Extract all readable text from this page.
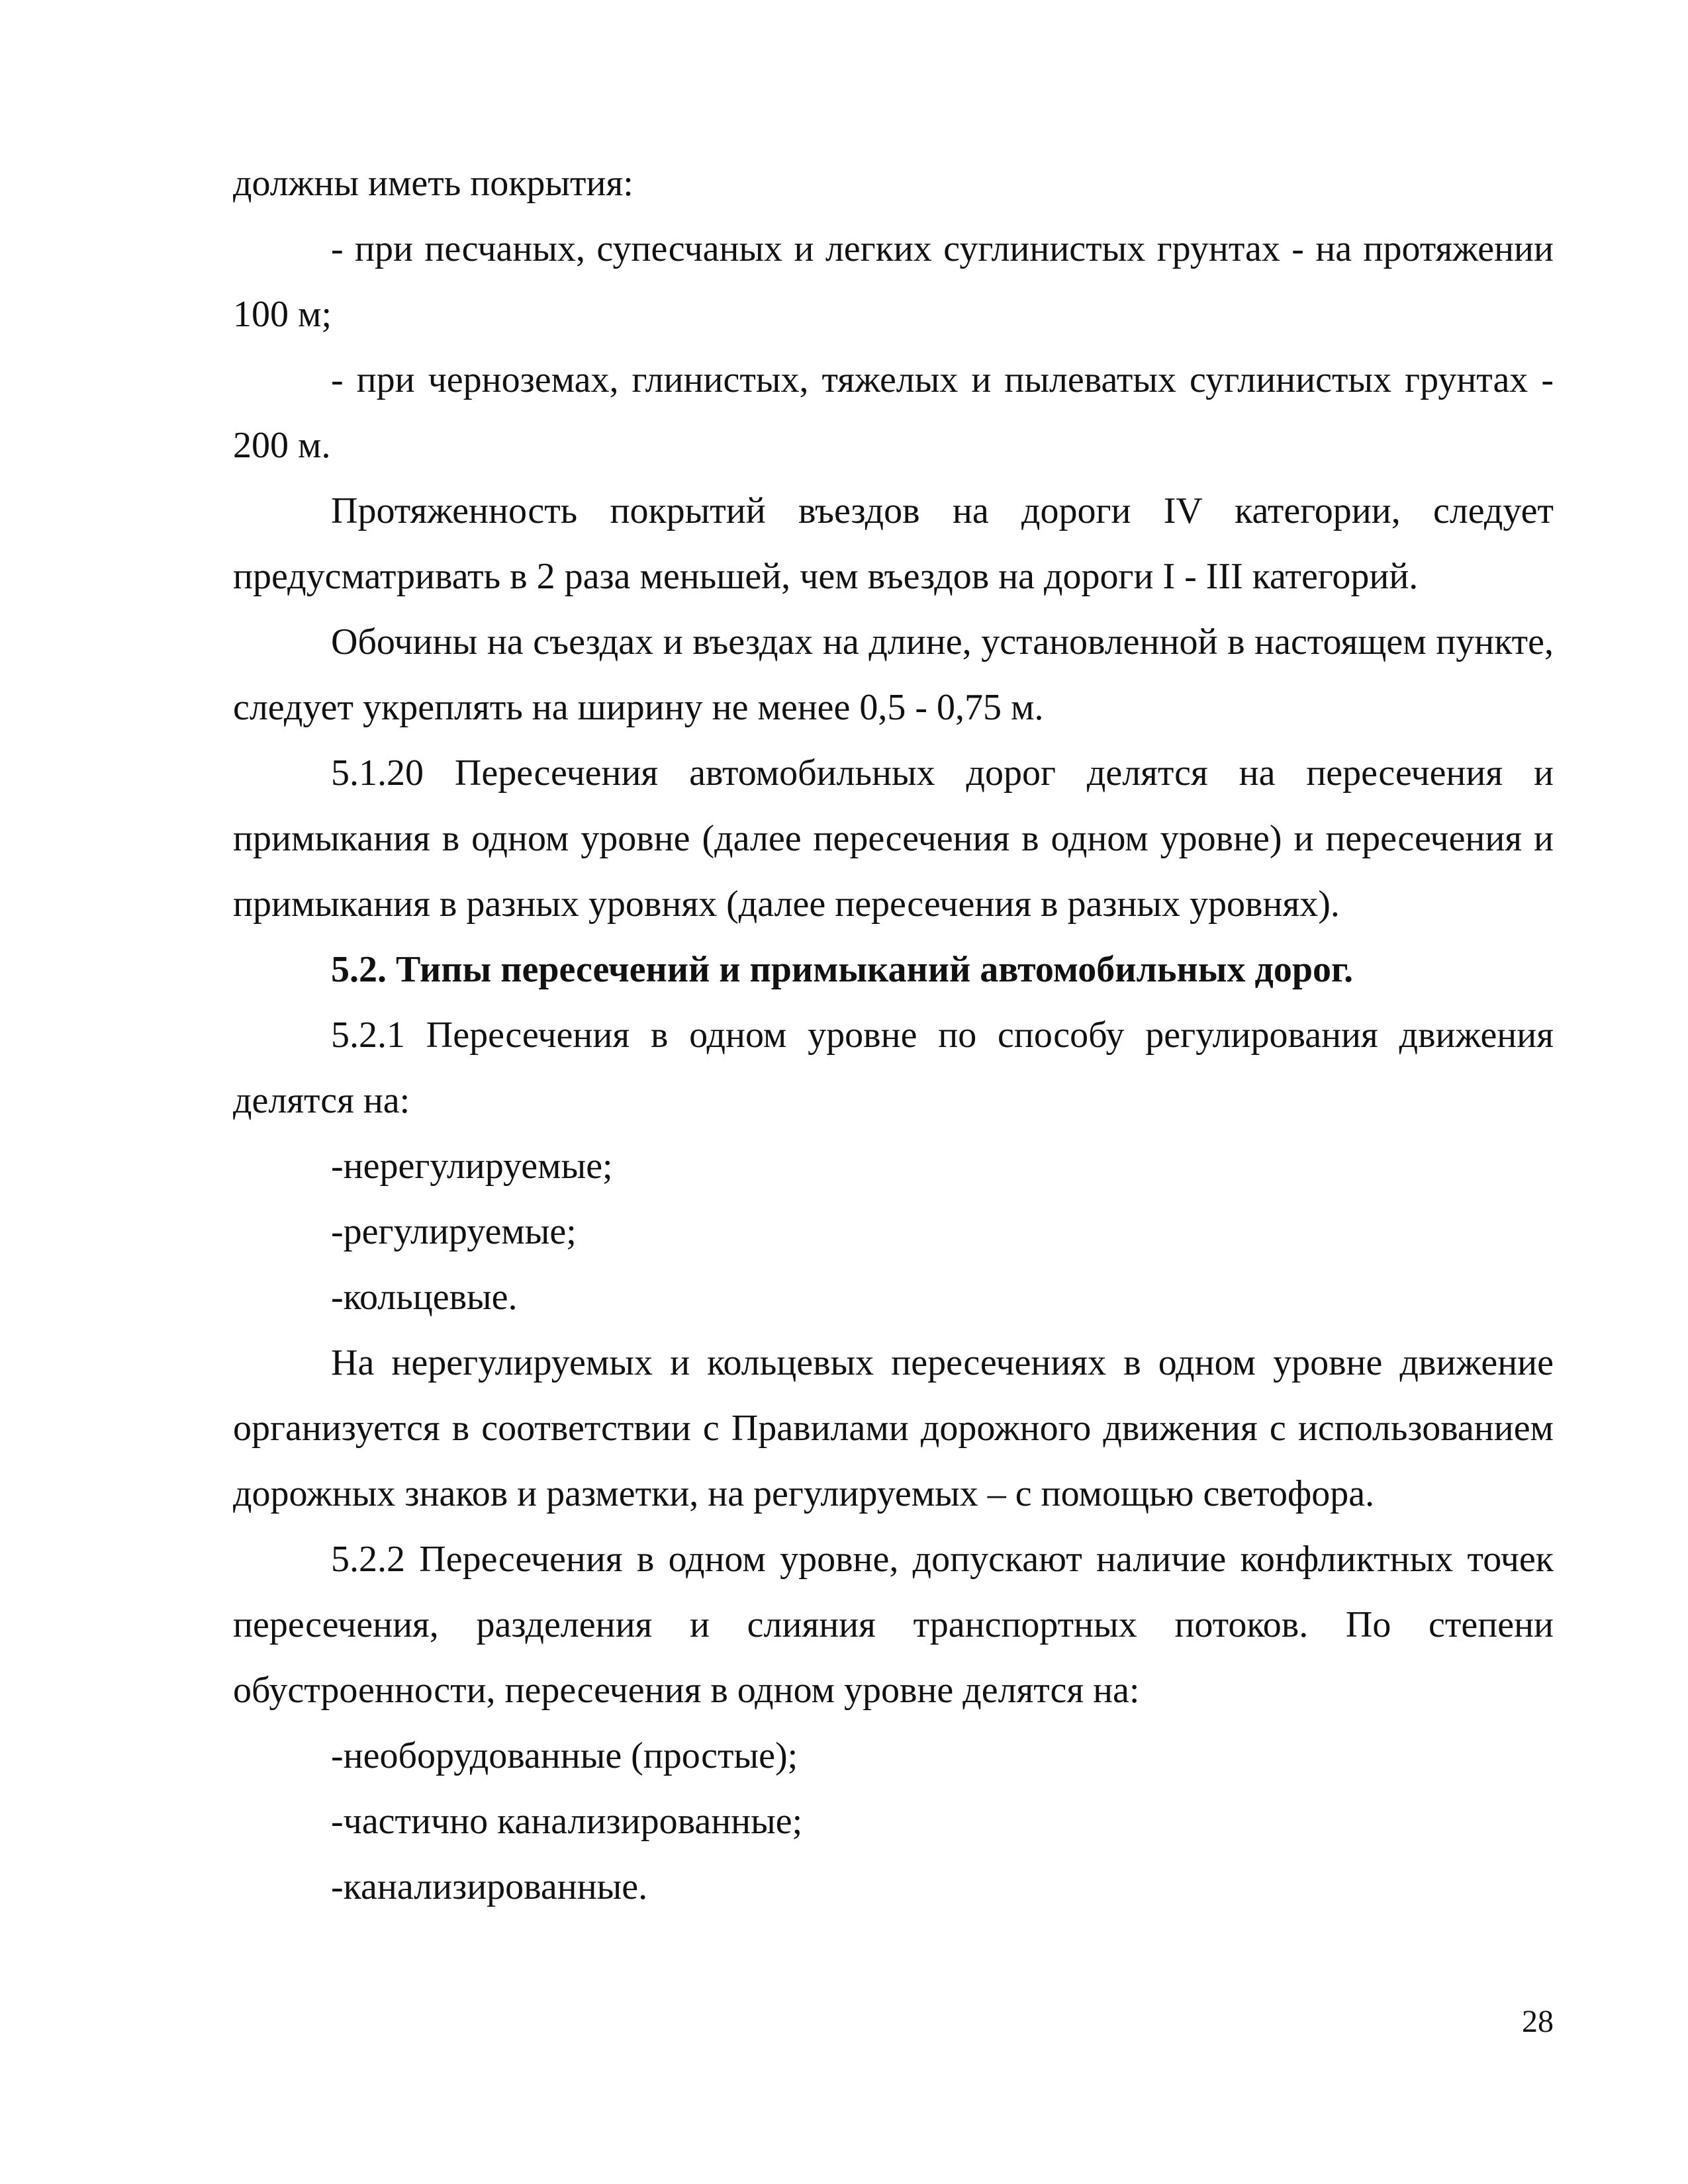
должны иметь покрытия:

- при песчаных, супесчаных и легких суглинистых грунтах - на протяжении 100 м;

- при черноземах, глинистых, тяжелых и пылеватых суглинистых грунтах - 200 м.

Протяженность покрытий въездов на дороги IV категории, следует предусматривать в 2 раза меньшей, чем въездов на дороги I - III категорий.

Обочины на съездах и въездах на длине, установленной в настоящем пункте, следует укреплять на ширину не менее 0,5 - 0,75 м.

5.1.20 Пересечения автомобильных дорог делятся на пересечения и примыкания в одном уровне (далее пересечения в одном уровне) и пересечения и примыкания в разных уровнях (далее пересечения в разных уровнях).

5.2. Типы пересечений и примыканий автомобильных дорог.

5.2.1 Пересечения в одном уровне по способу регулирования движения делятся на:

-нерегулируемые;

-регулируемые;

-кольцевые.

На нерегулируемых и кольцевых пересечениях в одном уровне движение организуется в соответствии с Правилами дорожного движения с использованием дорожных знаков и разметки, на регулируемых – с помощью светофора.

5.2.2 Пересечения в одном уровне, допускают наличие конфликтных точек пересечения, разделения и слияния транспортных потоков. По степени обустроенности, пересечения в одном уровне делятся на:

-необорудованные (простые);

-частично канализированные;

-канализированные.

28
